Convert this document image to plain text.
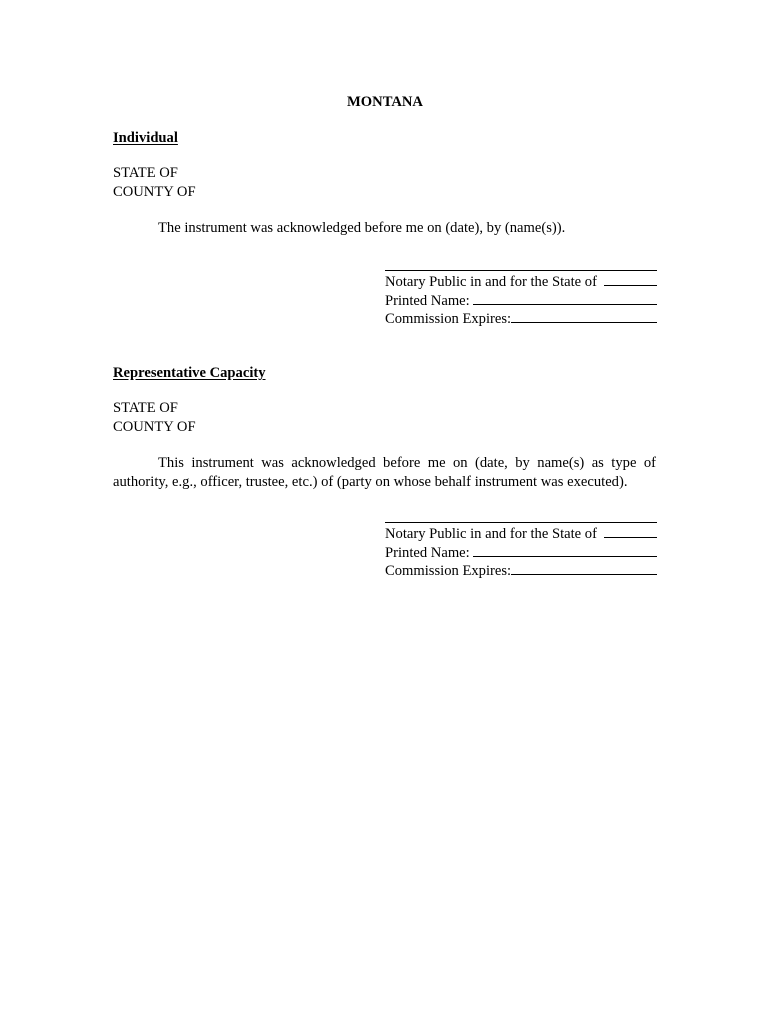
MONTANA
Individual
STATE OF
COUNTY OF
The instrument was acknowledged before me on (date), by (name(s)).
Notary Public in and for the State of
Printed Name:
Commission Expires:
Representative Capacity
STATE OF
COUNTY OF
This instrument was acknowledged before me on (date, by name(s) as type of authority, e.g., officer, trustee, etc.) of (party on whose behalf instrument was executed).
Notary Public in and for the State of
Printed Name:
Commission Expires:
